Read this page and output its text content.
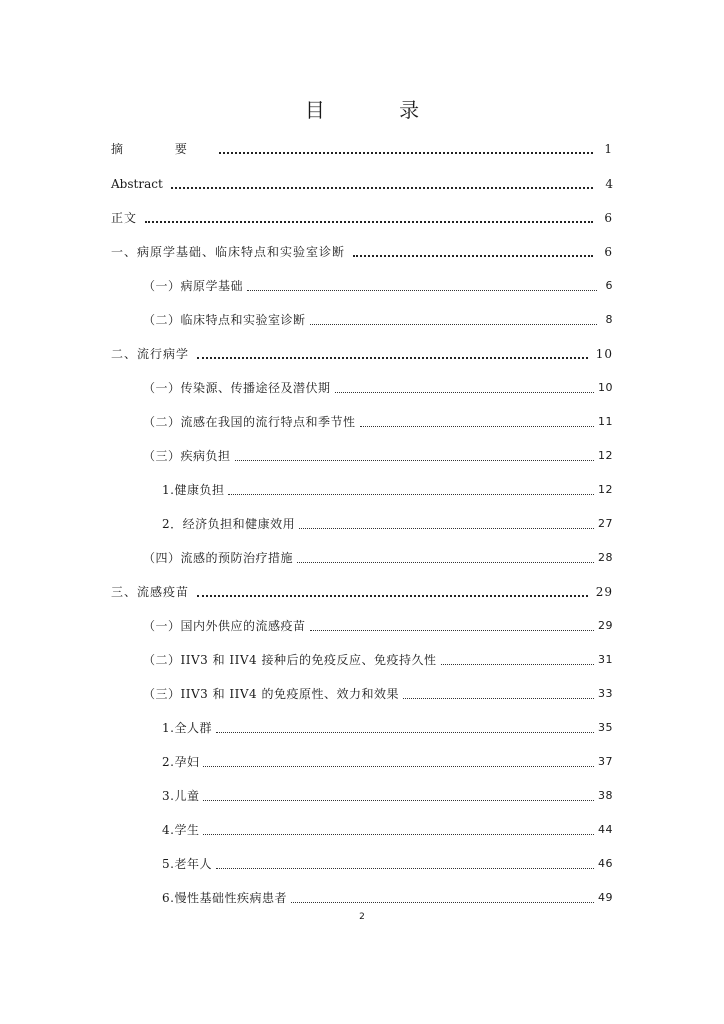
目 录
摘 要	1
Abstract	4
正文	6
一、病原学基础、临床特点和实验室诊断	6
（一）病原学基础	6
（二）临床特点和实验室诊断	8
二、流行病学	10
（一）传染源、传播途径及潜伏期	10
（二）流感在我国的流行特点和季节性	11
（三）疾病负担	12
1.健康负担	12
2．经济负担和健康效用	27
（四）流感的预防治疗措施	28
三、流感疫苗	29
（一）国内外供应的流感疫苗	29
（二）IIV3 和 IIV4 接种后的免疫反应、免疫持久性	31
（三）IIV3 和 IIV4 的免疫原性、效力和效果	33
1.全人群	35
2.孕妇	37
3.儿童	38
4.学生	44
5.老年人	46
6.慢性基础性疾病患者	49
2
